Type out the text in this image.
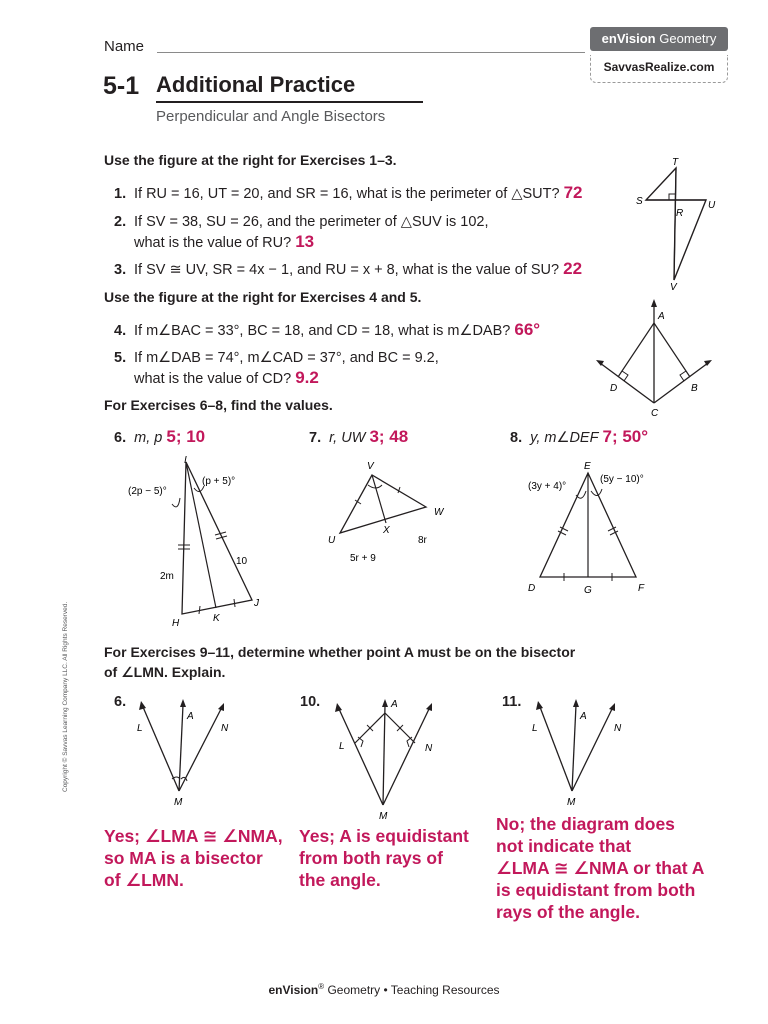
Name	enVision Geometry
SavvasRealize.com
5-1 Additional Practice
Perpendicular and Angle Bisectors
Use the figure at the right for Exercises 1–3.
1. If RU = 16, UT = 20, and SR = 16, what is the perimeter of △SUT? 72
2. If SV = 38, SU = 26, and the perimeter of △SUV is 102,
what is the value of RU? 13
3. If SV ≅ UV, SR = 4x − 1, and RU = x + 8, what is the value of SU? 22
T
S	U
R
V
Use the figure at the right for Exercises 4 and 5.
4. If m∠BAC = 33°, BC = 18, and CD = 18, what is m∠DAB? 66°
5. If m∠DAB = 74°, m∠CAD = 37°, and BC = 9.2,
what is the value of CD? 9.2
A
D	B
C
For Exercises 6–8, find the values.
6. m, p 5; 10	7. r, UW 3; 48	8. y, m∠DEF 7; 50°
I
(2p − 5)°
(p + 5)°
10
2m
H	K
J
V
U
W
X
8r
5r + 9
E
(3y + 4)°
(5y − 10)°
D	G	F
For Exercises 9–11, determine whether point A must be on the bisector
of ∠LMN. Explain.
6.	10.	11.
L
A
N
M
L
A
N
M
L
A
N
M
Yes; ∠LMA ≅ ∠NMA,
so MA is a bisector
of ∠LMN.
Yes; A is equidistant
from both rays of
the angle.
No; the diagram does
not indicate that
∠LMA ≅ ∠NMA or that A
is equidistant from both
rays of the angle.
Copyright © Savvas Learning Company LLC. All Rights Reserved.
enVision® Geometry • Teaching Resources
